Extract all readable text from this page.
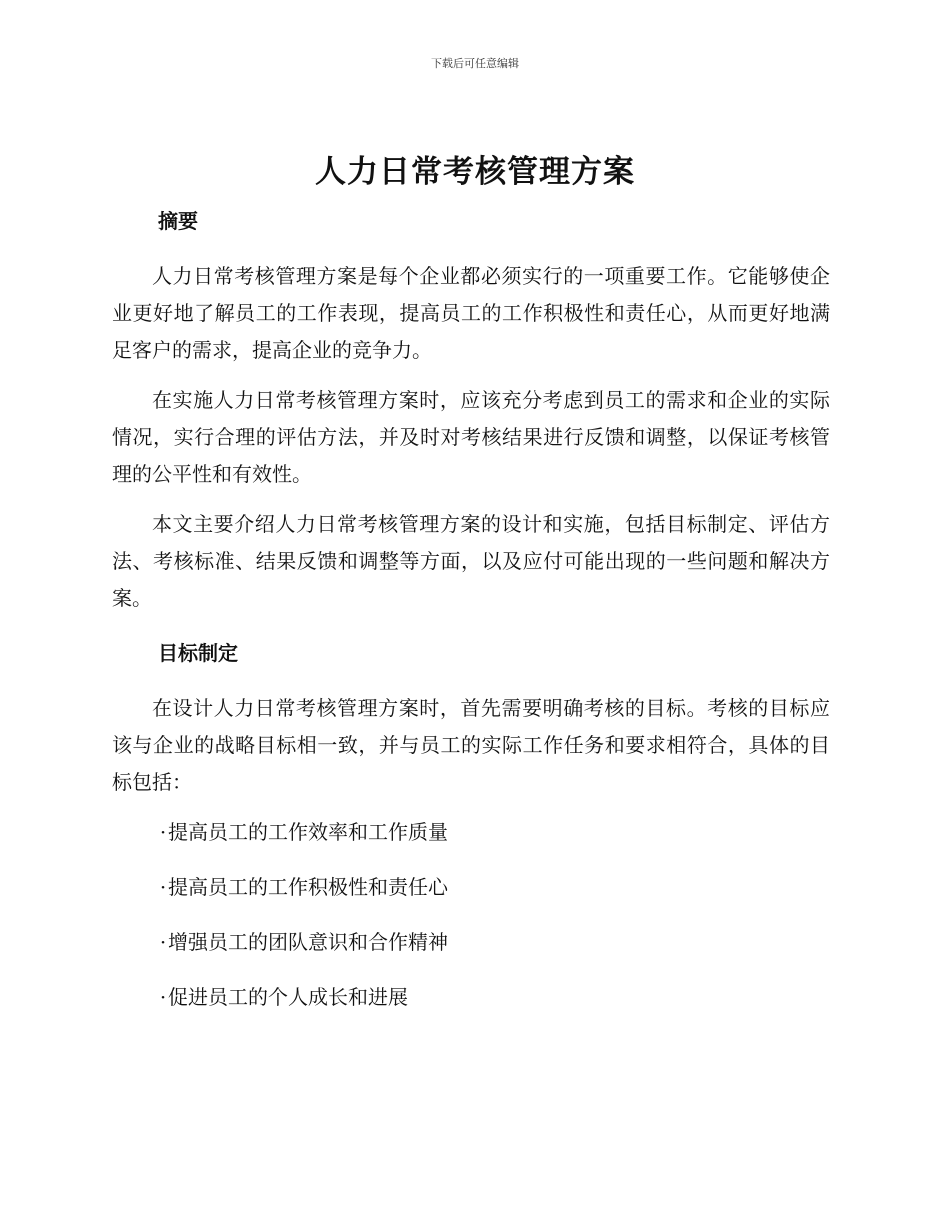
下载后可任意编辑
人力日常考核管理方案
摘要

人力日常考核管理方案是每个企业都必须实行的一项重要工作。它能够使企业更好地了解员工的工作表现，提高员工的工作积极性和责任心，从而更好地满足客户的需求，提高企业的竞争力。

在实施人力日常考核管理方案时，应该充分考虑到员工的需求和企业的实际情况，实行合理的评估方法，并及时对考核结果进行反馈和调整，以保证考核管理的公平性和有效性。

本文主要介绍人力日常考核管理方案的设计和实施，包括目标制定、评估方法、考核标准、结果反馈和调整等方面，以及应付可能出现的一些问题和解决方案。

目标制定

在设计人力日常考核管理方案时，首先需要明确考核的目标。考核的目标应该与企业的战略目标相一致，并与员工的实际工作任务和要求相符合，具体的目标包括：

·提高员工的工作效率和工作质量
·提高员工的工作积极性和责任心
·增强员工的团队意识和合作精神
·促进员工的个人成长和进展
